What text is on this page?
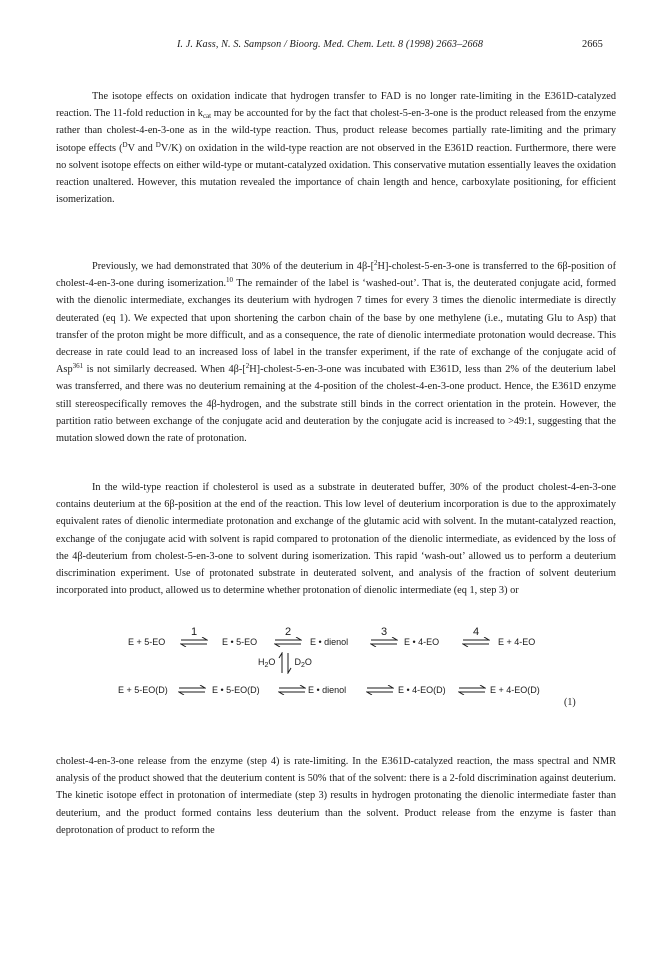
I. J. Kass, N. S. Sampson / Bioorg. Med. Chem. Lett. 8 (1998) 2663–2668	2665

The isotope effects on oxidation indicate that hydrogen transfer to FAD is no longer rate-limiting in the E361D-catalyzed reaction. The 11-fold reduction in $k_{cat}$ may be accounted for by the fact that cholest-5-en-3-one is the product released from the enzyme rather than cholest-4-en-3-one as in the wild-type reaction. Thus, product release becomes partially rate-limiting and the primary isotope effects ($^D$V and $^D$V/K) on oxidation in the wild-type reaction are not observed in the E361D reaction. Furthermore, there were no solvent isotope effects on either wild-type or mutant-catalyzed oxidation. This conservative mutation essentially leaves the oxidation reaction unaltered. However, this mutation revealed the importance of chain length and hence, carboxylate positioning, for efficient isomerization.

Previously, we had demonstrated that 30% of the deuterium in 4β-[$^2$H]-cholest-5-en-3-one is transferred to the 6β-position of cholest-4-en-3-one during isomerization.$^{10}$ The remainder of the label is ‘washed-out’. That is, the deuterated conjugate acid, formed with the dienolic intermediate, exchanges its deuterium with hydrogen 7 times for every 3 times the dienolic intermediate is directly deuterated (eq 1). We expected that upon shortening the carbon chain of the base by one methylene (i.e., mutating Glu to Asp) that transfer of the proton might be more difficult, and as a consequence, the rate of dienolic intermediate protonation would decrease. This decrease in rate could lead to an increased loss of label in the transfer experiment, if the rate of exchange of the conjugate acid of Asp$^{361}$ is not similarly decreased. When 4β-[$^2$H]-cholest-5-en-3-one was incubated with E361D, less than 2% of the deuterium label was transferred, and there was no deuterium remaining at the 4-position of the cholest-4-en-3-one product. Hence, the E361D enzyme still stereospecifically removes the 4β-hydrogen, and the substrate still binds in the correct orientation in the protein. However, the partition ratio between exchange of the conjugate acid and deuteration by the conjugate acid is increased to >49:1, suggesting that the mutation slowed down the rate of protonation.

In the wild-type reaction if cholesterol is used as a substrate in deuterated buffer, 30% of the product cholest-4-en-3-one contains deuterium at the 6β-position at the end of the reaction. This low level of deuterium incorporation is due to the approximately equivalent rates of dienolic intermediate protonation and exchange of the glutamic acid with solvent. In the mutant-catalyzed reaction, exchange of the conjugate acid with solvent is rapid compared to protonation of the dienolic intermediate, as evidenced by the loss of the 4β-deuterium from cholest-5-en-3-one to solvent during isomerization. This rapid ‘wash-out’ allowed us to perform a deuterium discrimination experiment. Use of protonated substrate in deuterated solvent, and analysis of the fraction of solvent deuterium incorporated into product, allowed us to determine whether protonation of dienolic intermediate (eq 1, step 3) or

E + 5-EO	E • 5-EO	E • dienol	E • 4-EO	E + 4-EO
1	2	3	4
$H_2O$ $D_2O$
E + 5-EO(D)	E • 5-EO(D)	E • dienol	E • 4-EO(D)	E + 4-EO(D)
(1)

cholest-4-en-3-one release from the enzyme (step 4) is rate-limiting. In the E361D-catalyzed reaction, the mass spectral and NMR analysis of the product showed that the deuterium content is 50% that of the solvent: there is a 2-fold discrimination against deuterium. The kinetic isotope effect in protonation of intermediate (step 3) results in hydrogen protonating the dienolic intermediate faster than deuterium, and the product formed contains less deuterium than the solvent. Product release from the enzyme is faster than deprotonation of product to reform the
